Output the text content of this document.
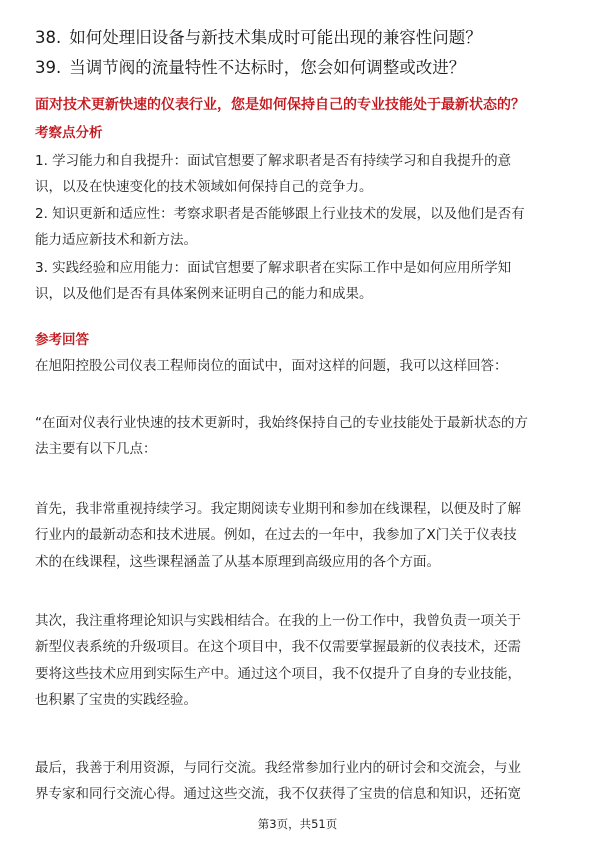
38. 如何处理旧设备与新技术集成时可能出现的兼容性问题？
39. 当调节阀的流量特性不达标时，您会如何调整或改进？
面对技术更新快速的仪表行业，您是如何保持自己的专业技能处于最新状态的？
考察点分析
1. 学习能力和自我提升：面试官想要了解求职者是否有持续学习和自我提升的意
识，以及在快速变化的技术领域如何保持自己的竞争力。
2. 知识更新和适应性：考察求职者是否能够跟上行业技术的发展，以及他们是否有
能力适应新技术和新方法。
3. 实践经验和应用能力：面试官想要了解求职者在实际工作中是如何应用所学知
识，以及他们是否有具体案例来证明自己的能力和成果。
参考回答
在旭阳控股公司仪表工程师岗位的面试中，面对这样的问题，我可以这样回答：
“在面对仪表行业快速的技术更新时，我始终保持自己的专业技能处于最新状态的方
法主要有以下几点：
首先，我非常重视持续学习。我定期阅读专业期刊和参加在线课程，以便及时了解
行业内的最新动态和技术进展。例如，在过去的一年中，我参加了X门关于仪表技
术的在线课程，这些课程涵盖了从基本原理到高级应用的各个方面。
其次，我注重将理论知识与实践相结合。在我的上一份工作中，我曾负责一项关于
新型仪表系统的升级项目。在这个项目中，我不仅需要掌握最新的仪表技术，还需
要将这些技术应用到实际生产中。通过这个项目，我不仅提升了自身的专业技能，
也积累了宝贵的实践经验。
最后，我善于利用资源，与同行交流。我经常参加行业内的研讨会和交流会，与业
界专家和同行交流心得。通过这些交流，我不仅获得了宝贵的信息和知识，还拓宽
第3页，共51页
